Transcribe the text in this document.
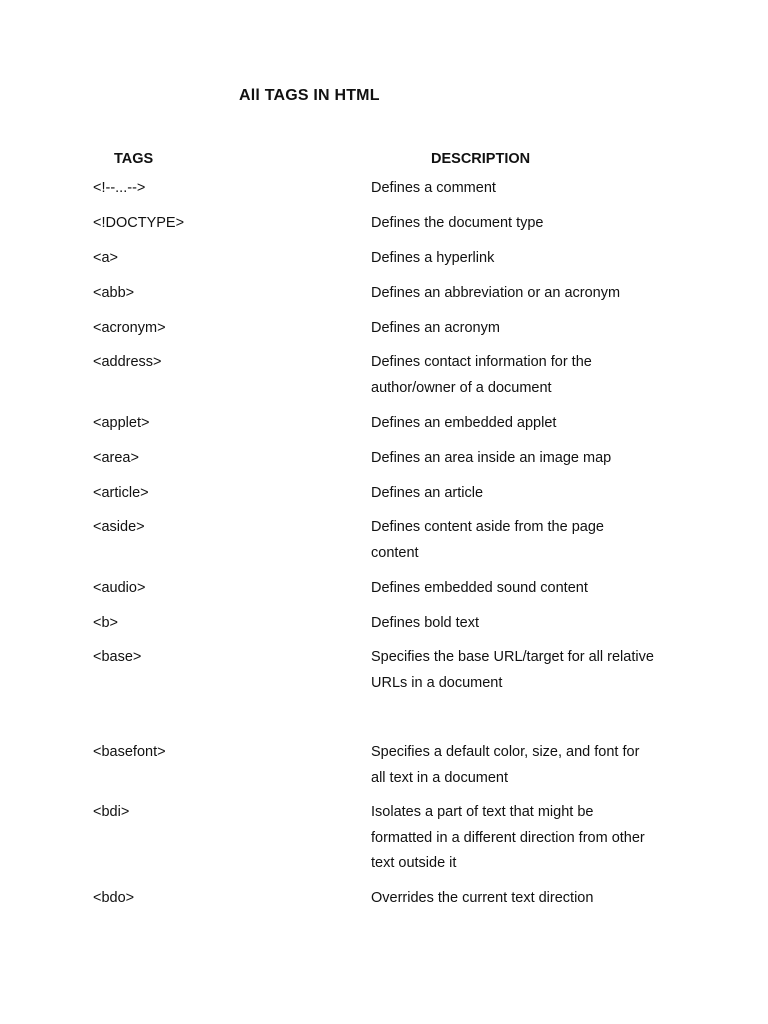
All TAGS IN HTML
TAGS	DESCRIPTION
<!--...-->	Defines a comment
<!DOCTYPE>	Defines the document type
<a>	Defines a hyperlink
<abb>	Defines an abbreviation or an acronym
<acronym>	Defines an acronym
<address>	Defines contact information for the
author/owner of a document
<applet>	Defines an embedded applet
<area>	Defines an area inside an image map
<article>	Defines an article
<aside>	Defines content aside from the page
content
<audio>	Defines embedded sound content
<b>	Defines bold text
<base>	Specifies the base URL/target for all relative
URLs in a document
<basefont>	Specifies a default color, size, and font for
all text in a document
<bdi>	Isolates a part of text that might be
formatted in a different direction from other
text outside it
<bdo>	Overrides the current text direction
